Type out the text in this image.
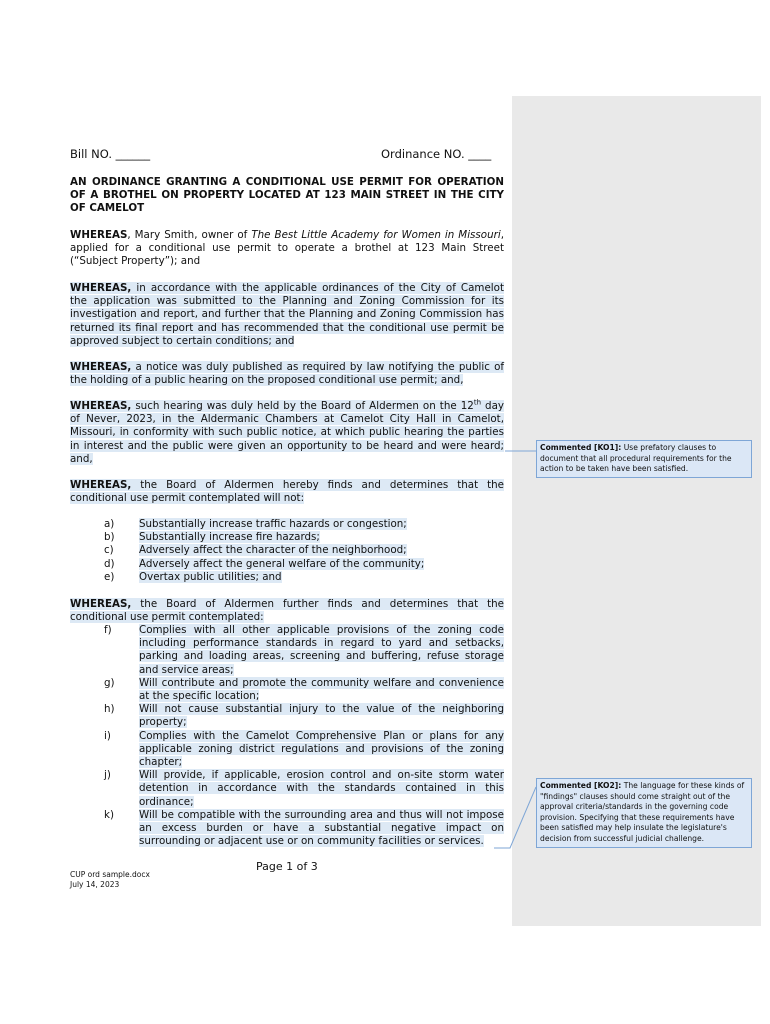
Bill NO. ______	Ordinance NO. ____
AN ORDINANCE GRANTING A CONDITIONAL USE PERMIT FOR OPERATION OF A BROTHEL ON PROPERTY LOCATED AT 123 MAIN STREET IN THE CITY OF CAMELOT
WHEREAS, Mary Smith, owner of The Best Little Academy for Women in Missouri, applied for a conditional use permit to operate a brothel at 123 Main Street (“Subject Property”); and
WHEREAS, in accordance with the applicable ordinances of the City of Camelot the application was submitted to the Planning and Zoning Commission for its investigation and report, and further that the Planning and Zoning Commission has returned its final report and has recommended that the conditional use permit be approved subject to certain conditions; and
WHEREAS, a notice was duly published as required by law notifying the public of the holding of a public hearing on the proposed conditional use permit; and,
WHEREAS, such hearing was duly held by the Board of Aldermen on the 12th day of Never, 2023, in the Aldermanic Chambers at Camelot City Hall in Camelot, Missouri, in conformity with such public notice, at which public hearing the parties in interest and the public were given an opportunity to be heard and were heard; and,
WHEREAS, the Board of Aldermen hereby finds and determines that the conditional use permit contemplated will not:
a) Substantially increase traffic hazards or congestion;
b) Substantially increase fire hazards;
c) Adversely affect the character of the neighborhood;
d) Adversely affect the general welfare of the community;
e) Overtax public utilities; and
WHEREAS, the Board of Aldermen further finds and determines that the conditional use permit contemplated:
f)	Complies with all other applicable provisions of the zoning code including performance standards in regard to yard and setbacks, parking and loading areas, screening and buffering, refuse storage and service areas;
g) Will contribute and promote the community welfare and convenience at the specific location;
h) Will not cause substantial injury to the value of the neighboring property;
i)	Complies with the Camelot Comprehensive Plan or plans for any applicable zoning district regulations and provisions of the zoning chapter;
j)	Will provide, if applicable, erosion control and on-site storm water detention in accordance with the standards contained in this ordinance;
k) Will be compatible with the surrounding area and thus will not impose an excess burden or have a substantial negative impact on surrounding or adjacent use or on community facilities or services.
Page 1 of 3
CUP ord sample.docx
July 14, 2023
Commented [KO1]: Use prefatory clauses to document that all procedural requirements for the action to be taken have been satisfied.
Commented [KO2]: The language for these kinds of "findings" clauses should come straight out of the approval criteria/standards in the governing code provision. Specifying that these requirements have been satisfied may help insulate the legislature's decision from successful judicial challenge.
